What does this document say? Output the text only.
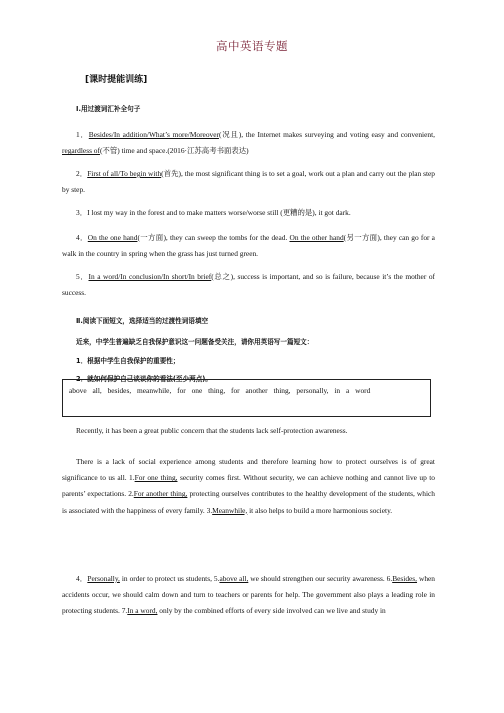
高中英语专题
[课时提能训练]
Ⅰ.用过渡词汇补全句子

1．Besides/In addition/What’s more/Moreover(况且), the Internet makes surveying and voting easy and convenient, regardless of(不管) time and space.(2016·江苏高考书面表达)

2．First of all/To begin with(首先), the most significant thing is to set a goal, work out a plan and carry out the plan step by step.

3．I lost my way in the forest and to make matters worse/worse still (更糟的是), it got dark.

4．On the one hand(一方面), they can sweep the tombs for the dead. On the other hand(另一方面), they can go for a walk in the country in spring when the grass has just turned green.

5．In a word/In conclusion/In short/In brief(总之), success is important, and so is failure, because it’s the mother of success.

Ⅱ.阅读下面短文，选择适当的过渡性词语填空
近来，中学生普遍缺乏自我保护意识这一问题备受关注，请你用英语写一篇短文：
1．根据中学生自我保护的重要性；
2．就如何保护自己谈谈你的看法(至少两点)。
above all, besides, meanwhile, for one thing, for another thing, personally, in a word

Recently, it has been a great public concern that the students lack self-protection awareness.

There is a lack of social experience among students and therefore learning how to protect ourselves is of great significance to us all. 1.For one thing, security comes first. Without security, we can achieve nothing and cannot live up to parents’ expectations. 2.For another thing, protecting ourselves contributes to the healthy development of the students, which is associated with the happiness of every family. 3.Meanwhile, it also helps to build a more harmonious society.

4．Personally, in order to protect us students, 5.above all, we should strengthen our security awareness. 6.Besides, when accidents occur, we should calm down and turn to teachers or parents for help. The government also plays a leading role in protecting students. 7.In a word, only by the combined efforts of every side involved can we live and study in
